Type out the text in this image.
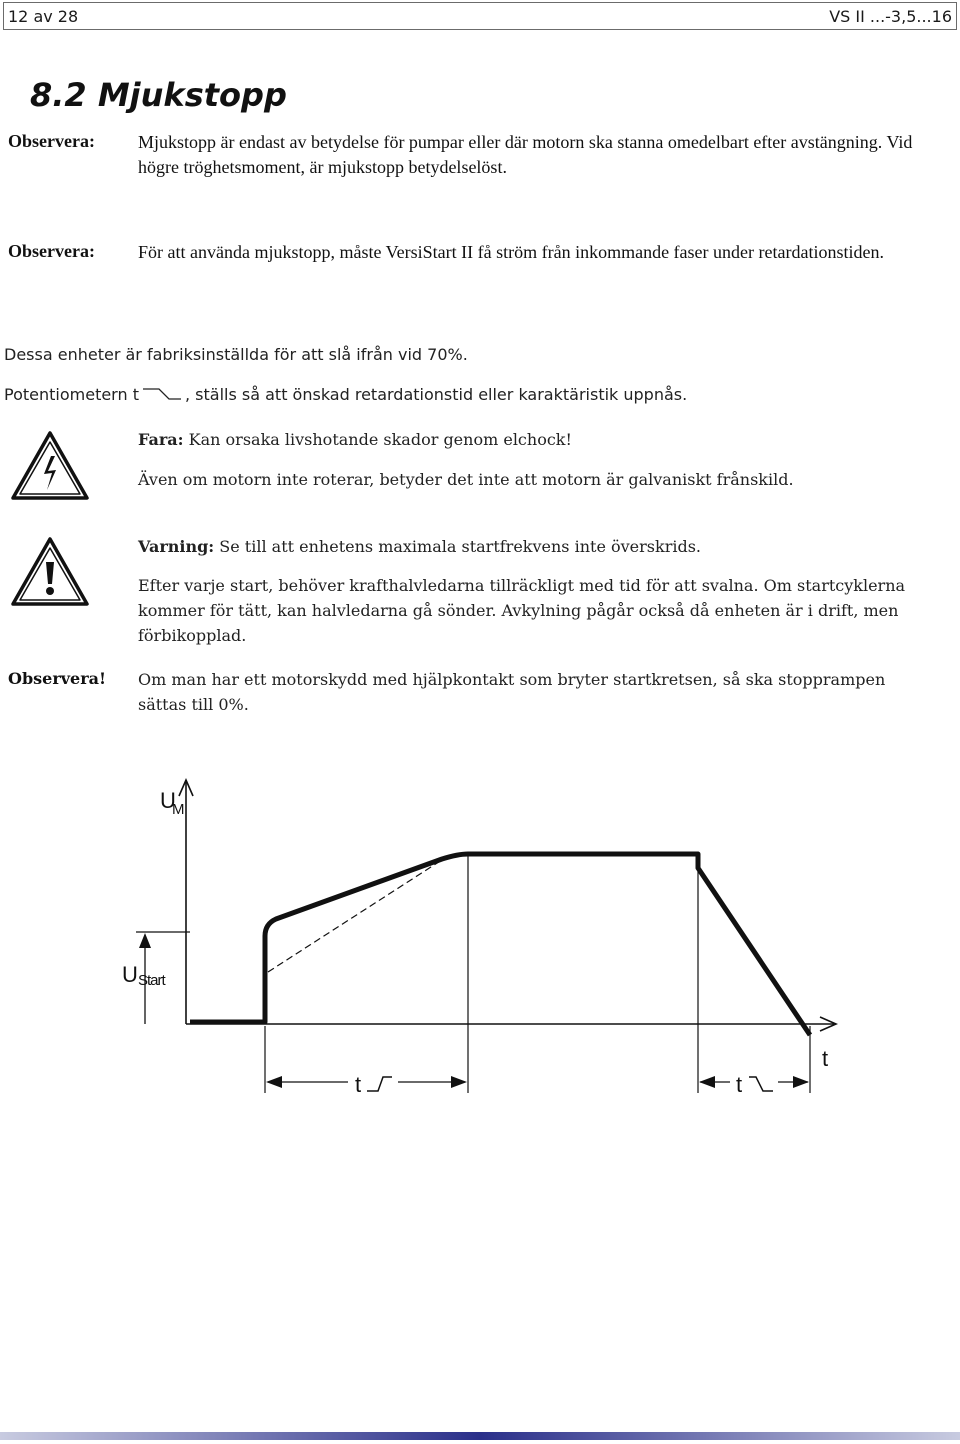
12 av 28	VS II ...-3,5...16
8.2 Mjukstopp
Observera: Mjukstopp är endast av betydelse för pumpar eller där motorn ska stanna omedelbart efter avstängning. Vid högre tröghetsmoment, är mjukstopp betydelselöst.
Observera: För att använda mjukstopp, måste VersiStart II få ström från inkommande faser under retardationstiden.
Dessa enheter är fabriksinställda för att slå ifrån vid 70%.
Potentiometern t	, ställs så att önskad retardationstid eller karaktäristik uppnås.
Fara: Kan orsaka livshotande skador genom elchock!
Även om motorn inte roterar, betyder det inte att motorn är galvaniskt frånskild.
Varning: Se till att enhetens maximala startfrekvens inte överskrids.
Efter varje start, behöver krafthalvledarna tillräckligt med tid för att svalna. Om startcyklerna kommer för tätt, kan halvledarna gå sönder. Avkylning pågår också då enheten är i drift, men förbikopplad.
Observera! Om man har ett motorskydd med hjälpkontakt som bryter startkretsen, så ska stopprampen sättas till 0%.
U
M
U Start
t	t
t
